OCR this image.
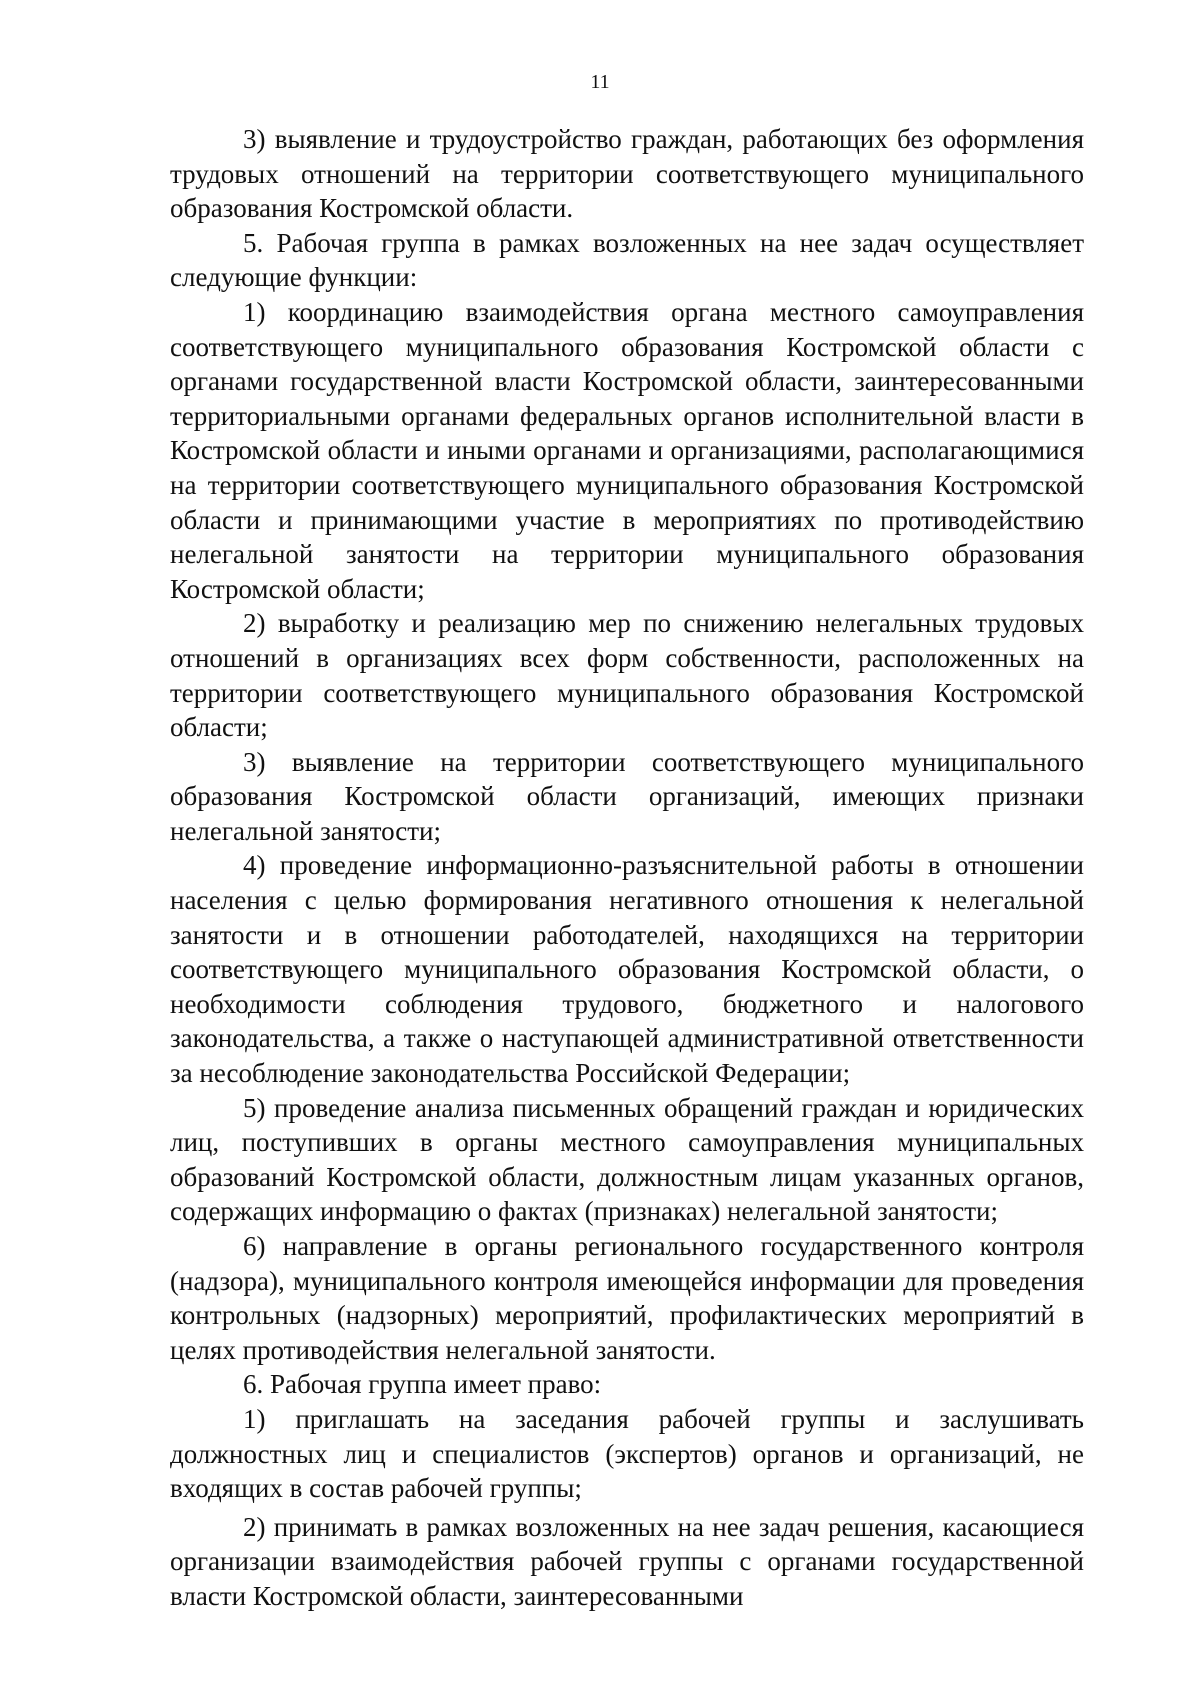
11

3) выявление и трудоустройство граждан, работающих без оформления трудовых отношений на территории соответствующего муниципального образования Костромской области.

5. Рабочая группа в рамках возложенных на нее задач осуществляет следующие функции:

1) координацию взаимодействия органа местного самоуправления соответствующего муниципального образования Костромской области с органами государственной власти Костромской области, заинтересованными территориальными органами федеральных органов исполнительной власти в Костромской области и иными органами и организациями, располагающимися на территории соответствующего муниципального образования Костромской области и принимающими участие в мероприятиях по противодействию нелегальной занятости на территории муниципального образования Костромской области;

2) выработку и реализацию мер по снижению нелегальных трудовых отношений в организациях всех форм собственности, расположенных на территории соответствующего муниципального образования Костромской области;

3) выявление на территории соответствующего муниципального образования Костромской области организаций, имеющих признаки нелегальной занятости;

4) проведение информационно-разъяснительной работы в отношении населения с целью формирования негативного отношения к нелегальной занятости и в отношении работодателей, находящихся на территории соответствующего муниципального образования Костромской области, о необходимости соблюдения трудового, бюджетного и налогового законодательства, а также о наступающей административной ответственности за несоблюдение законодательства Российской Федерации;

5) проведение анализа письменных обращений граждан и юридических лиц, поступивших в органы местного самоуправления муниципальных образований Костромской области, должностным лицам указанных органов, содержащих информацию о фактах (признаках) нелегальной занятости;

6) направление в органы регионального государственного контроля (надзора), муниципального контроля имеющейся информации для проведения контрольных (надзорных) мероприятий, профилактических мероприятий в целях противодействия нелегальной занятости.

6. Рабочая группа имеет право:

1) приглашать на заседания рабочей группы и заслушивать должностных лиц и специалистов (экспертов) органов и организаций, не входящих в состав рабочей группы;

2) принимать в рамках возложенных на нее задач решения, касающиеся организации взаимодействия рабочей группы с органами государственной власти Костромской области, заинтересованными
